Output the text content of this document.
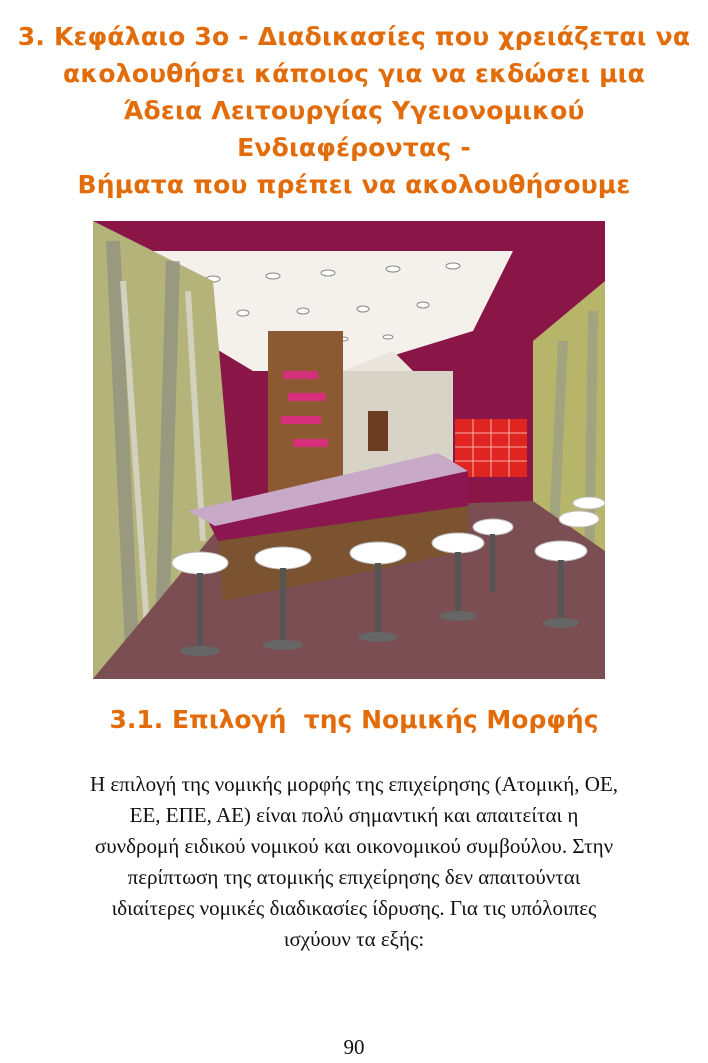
3. Κεφάλαιο 3ο - Διαδικασίες που χρειάζεται να
ακολουθήσει κάποιος για να εκδώσει μια
Άδεια Λειτουργίας Υγειονομικού
Ενδιαφέροντας -
Βήματα που πρέπει να ακολουθήσουμε
3.1. Επιλογή  της Νομικής Μορφής
Η επιλογή της νομικής μορφής της επιχείρησης (Ατομική, ΟΕ,
ΕΕ, ΕΠΕ, ΑΕ) είναι πολύ σημαντική και απαιτείται η
συνδρομή ειδικού νομικού και οικονομικού συμβούλου. Στην
περίπτωση της ατομικής επιχείρησης δεν απαιτούνται
ιδιαίτερες νομικές διαδικασίες ίδρυσης. Για τις υπόλοιπες
ισχύουν τα εξής:
90
